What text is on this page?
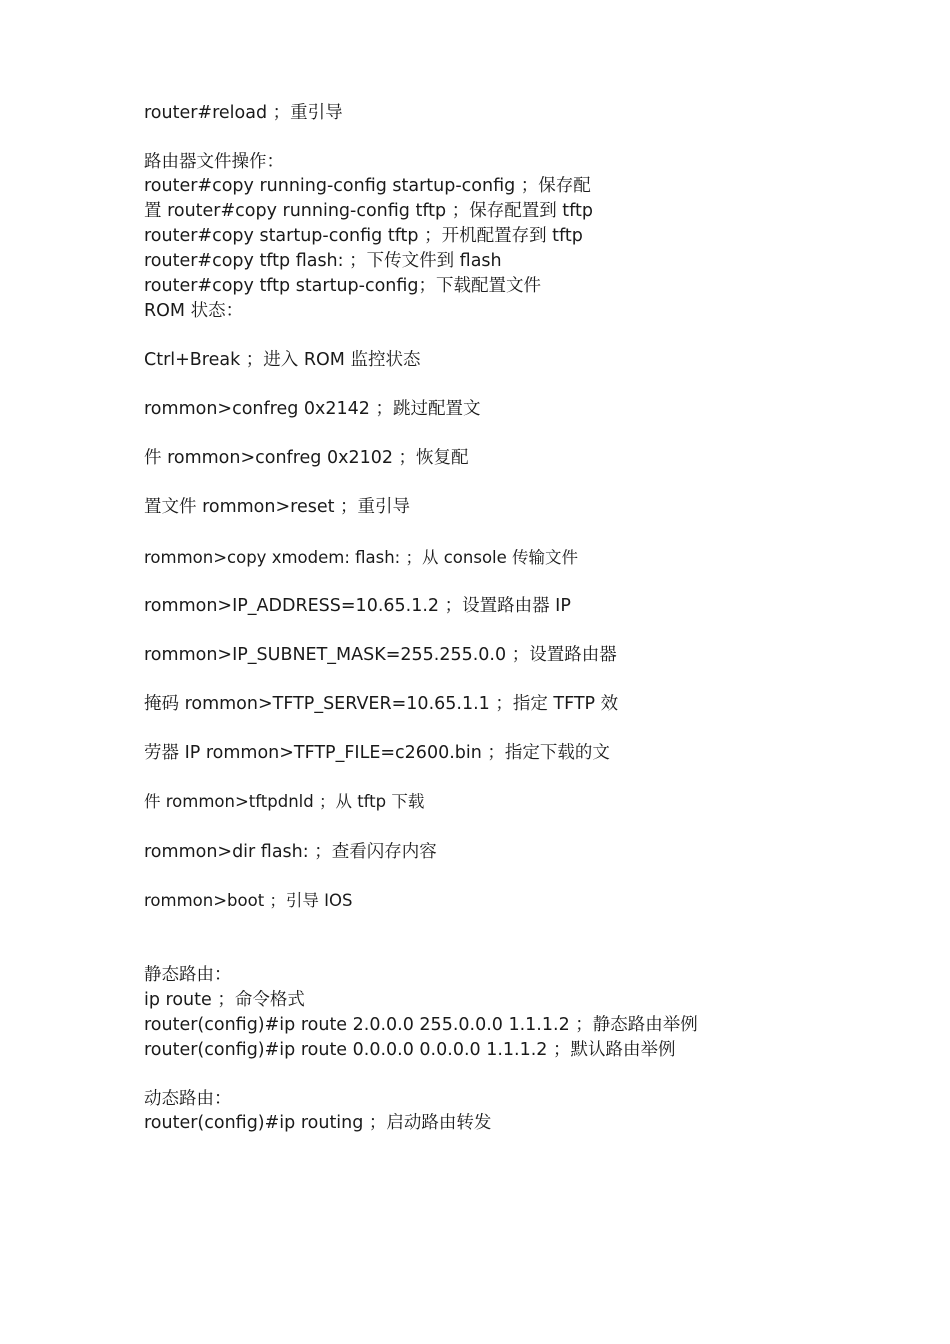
router#reload ；重引导
路由器文件操作：
router#copy running-config startup-config ；保存配
置 router#copy running-config tftp ；保存配置到 tftp
router#copy startup-config tftp ；开机配置存到 tftp
router#copy tftp flash: ；下传文件到 flash
router#copy tftp startup-config；下载配置文件
ROM 状态：
Ctrl+Break ；进入 ROM 监控状态
rommon>confreg 0x2142 ；跳过配置文
件 rommon>confreg 0x2102 ；恢复配
置文件 rommon>reset ；重引导
rommon>copy xmodem: flash: ；从 console 传输文件
rommon>IP_ADDRESS=10.65.1.2 ；设置路由器 IP
rommon>IP_SUBNET_MASK=255.255.0.0 ；设置路由器
掩码 rommon>TFTP_SERVER=10.65.1.1 ；指定 TFTP 效
劳器 IP rommon>TFTP_FILE=c2600.bin ；指定下载的文
件 rommon>tftpdnld ；从 tftp 下载
rommon>dir flash: ；查看闪存内容
rommon>boot ；引导 IOS
静态路由：
ip route ；命令格式
router(config)#ip route 2.0.0.0 255.0.0.0 1.1.1.2 ；静态路由举例
router(config)#ip route 0.0.0.0 0.0.0.0 1.1.1.2 ；默认路由举例
动态路由：
router(config)#ip routing ；启动路由转发
